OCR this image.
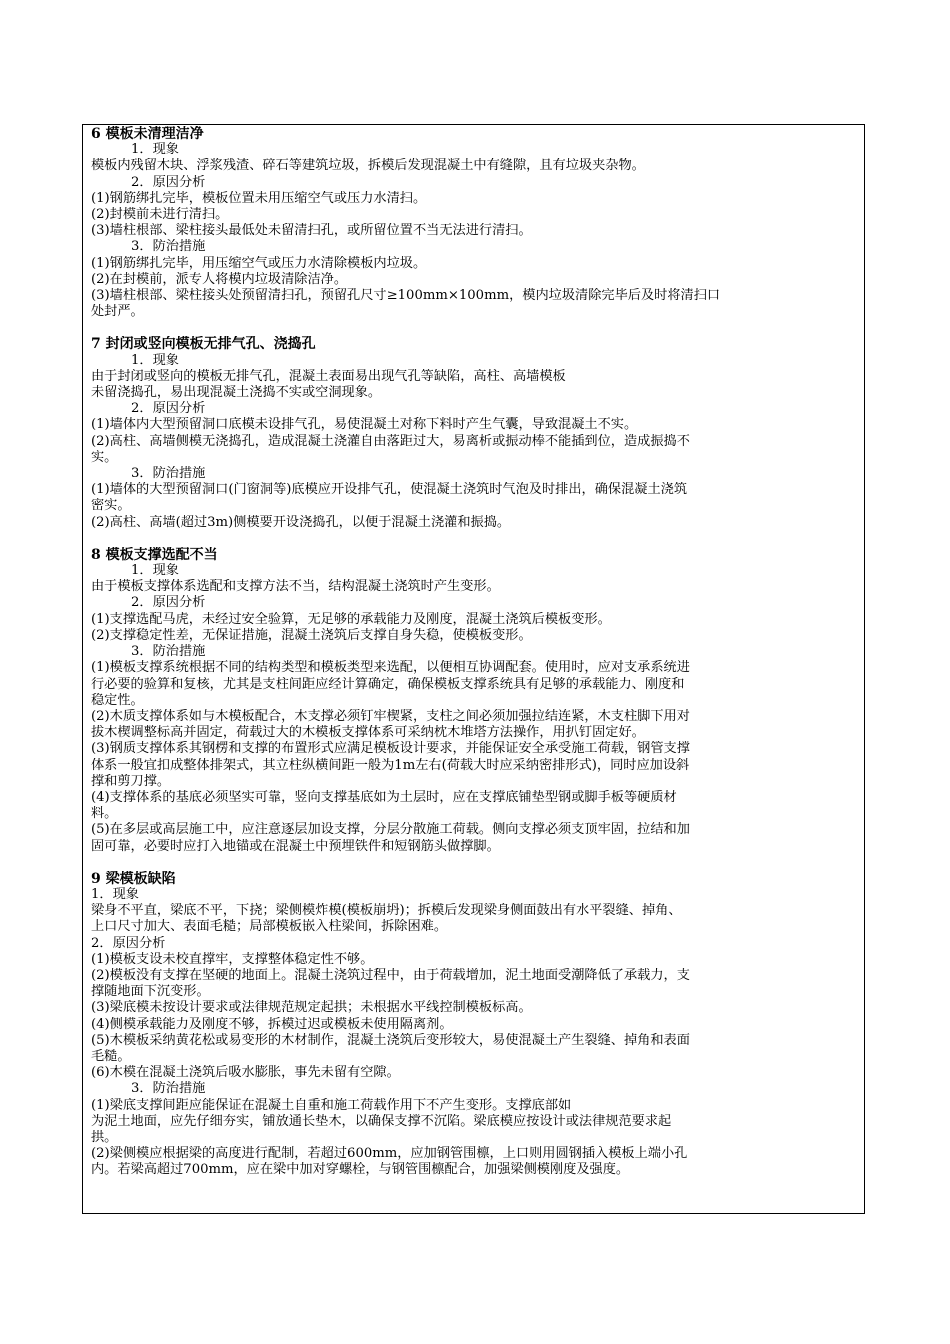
6 模板未清理洁净
1．现象
模板内残留木块、浮浆残渣、碎石等建筑垃圾，拆模后发现混凝土中有缝隙，且有垃圾夹杂物。
2．原因分析
(1)钢筋绑扎完毕，模板位置未用压缩空气或压力水清扫。
(2)封模前未进行清扫。
(3)墙柱根部、梁柱接头最低处未留清扫孔，或所留位置不当无法进行清扫。
3．防治措施
(1)钢筋绑扎完毕，用压缩空气或压力水清除模板内垃圾。
(2)在封模前，派专人将模内垃圾清除洁净。
(3)墙柱根部、梁柱接头处预留清扫孔，预留孔尺寸≥100mm×100mm，模内垃圾清除完毕后及时将清扫口
处封严。
7 封闭或竖向模板无排气孔、浇捣孔
1．现象
由于封闭或竖向的模板无排气孔，混凝土表面易出现气孔等缺陷，高柱、高墙模板
未留浇捣孔，易出现混凝土浇捣不实或空洞现象。
2．原因分析
(1)墙体内大型预留洞口底模未设排气孔，易使混凝土对称下料时产生气囊，导致混凝土不实。
(2)高柱、高墙侧模无浇捣孔，造成混凝土浇灌自由落距过大，易离析或振动棒不能插到位，造成振捣不
实。
3．防治措施
(1)墙体的大型预留洞口(门窗洞等)底模应开设排气孔，使混凝土浇筑时气泡及时排出，确保混凝土浇筑
密实。
(2)高柱、高墙(超过3m)侧模要开设浇捣孔，以便于混凝土浇灌和振捣。
8 模板支撑选配不当
1．现象
由于模板支撑体系选配和支撑方法不当，结构混凝土浇筑时产生变形。
2．原因分析
(1)支撑选配马虎，未经过安全验算，无足够的承载能力及刚度，混凝土浇筑后模板变形。
(2)支撑稳定性差，无保证措施，混凝土浇筑后支撑自身失稳，使模板变形。
3．防治措施
(1)模板支撑系统根据不同的结构类型和模板类型来选配，以便相互协调配套。使用时，应对支承系统进
行必要的验算和复核，尤其是支柱间距应经计算确定，确保模板支撑系统具有足够的承载能力、刚度和
稳定性。
(2)木质支撑体系如与木模板配合，木支撑必须钉牢楔紧，支柱之间必须加强拉结连紧，木支柱脚下用对
拔木楔调整标高并固定，荷载过大的木模板支撑体系可采纳枕木堆塔方法操作，用扒钉固定好。
(3)钢质支撑体系其钢楞和支撑的布置形式应满足模板设计要求，并能保证安全承受施工荷载，钢管支撑
体系一般宜扣成整体排架式，其立柱纵横间距一般为1m左右(荷载大时应采纳密排形式)，同时应加设斜
撑和剪刀撑。
(4)支撑体系的基底必须坚实可靠，竖向支撑基底如为土层时，应在支撑底铺垫型钢或脚手板等硬质材
料。
(5)在多层或高层施工中，应注意逐层加设支撑，分层分散施工荷载。侧向支撑必须支顶牢固，拉结和加
固可靠，必要时应打入地锚或在混凝土中预埋铁件和短钢筋头做撑脚。
9 梁模板缺陷
1．现象
梁身不平直，梁底不平，下挠；梁侧模炸模(模板崩坍)；拆模后发现梁身侧面鼓出有水平裂缝、掉角、
上口尺寸加大、表面毛糙；局部模板嵌入柱梁间，拆除困难。
2．原因分析
(1)模板支设未校直撑牢，支撑整体稳定性不够。
(2)模板没有支撑在坚硬的地面上。混凝土浇筑过程中，由于荷载增加，泥土地面受潮降低了承载力，支
撑随地面下沉变形。
(3)梁底模未按设计要求或法律规范规定起拱；未根据水平线控制模板标高。
(4)侧模承载能力及刚度不够，拆模过迟或模板未使用隔离剂。
(5)木模板采纳黄花松或易变形的木材制作，混凝土浇筑后变形较大，易使混凝土产生裂缝、掉角和表面
毛糙。
(6)木模在混凝土浇筑后吸水膨胀，事先未留有空隙。
3．防治措施
(1)梁底支撑间距应能保证在混凝土自重和施工荷载作用下不产生变形。支撑底部如
为泥土地面，应先仔细夯实，铺放通长垫木，以确保支撑不沉陷。梁底模应按设计或法律规范要求起
拱。
(2)梁侧模应根据梁的高度进行配制，若超过600mm，应加钢管围檩，上口则用圆钢插入模板上端小孔
内。若梁高超过700mm，应在梁中加对穿螺栓，与钢管围檩配合，加强梁侧模刚度及强度。
